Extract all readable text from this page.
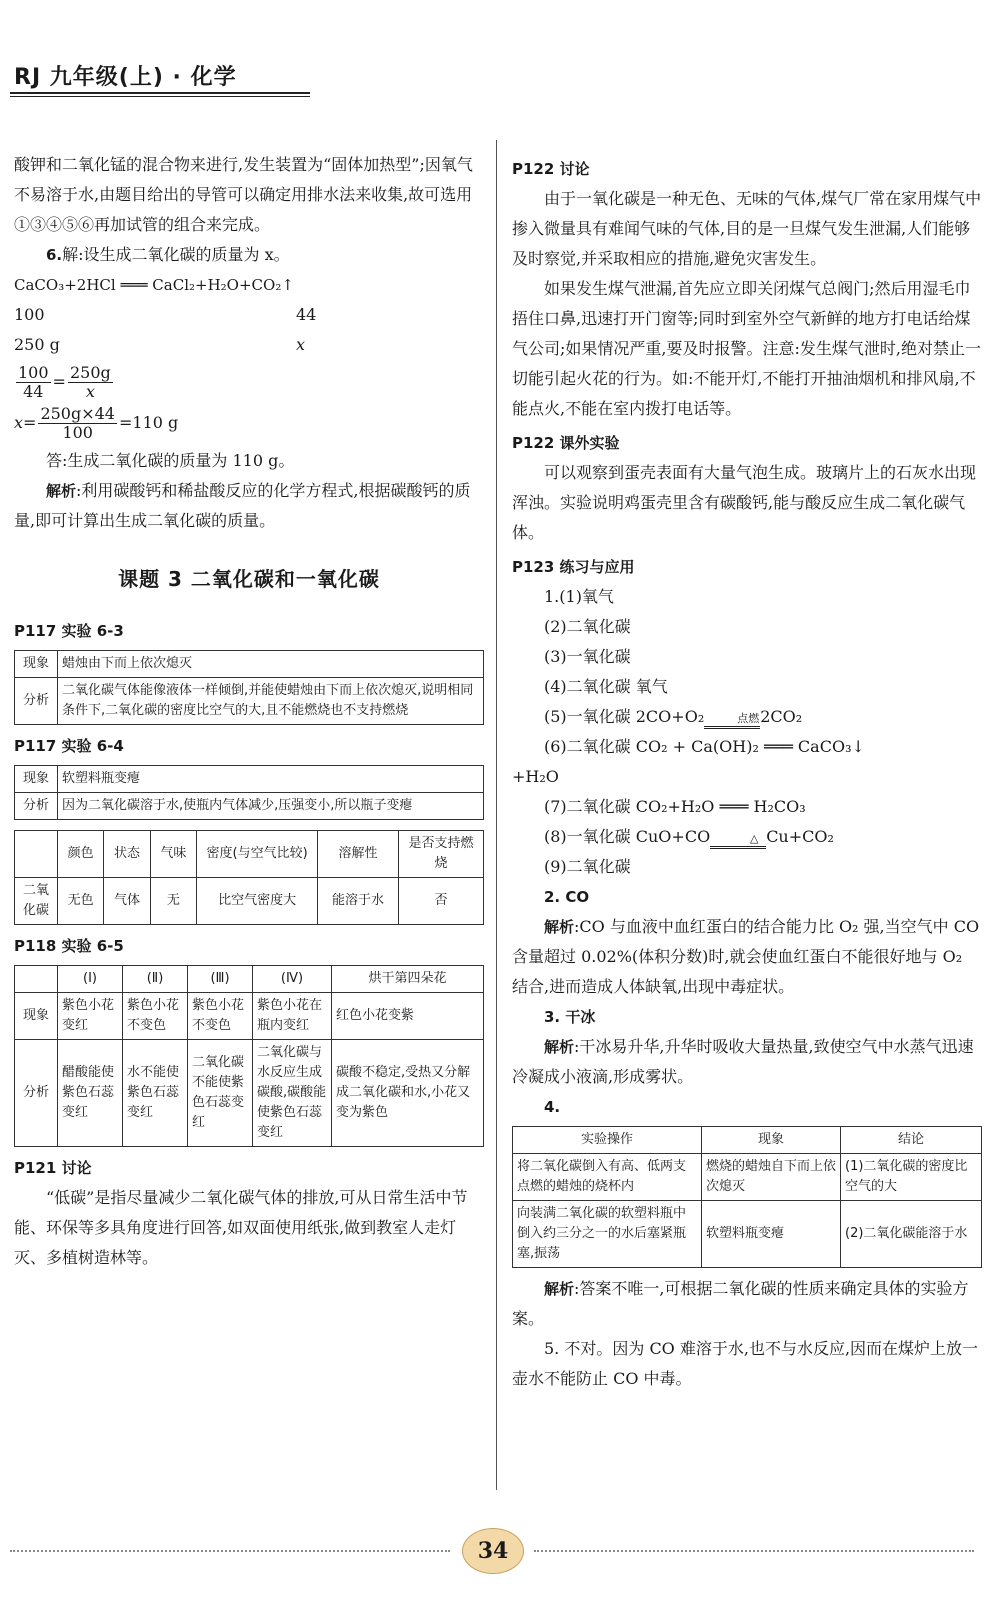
RJ 九年级(上) · 化学

酸钾和二氧化锰的混合物来进行,发生装置为“固体加热型”;因氧气不易溶于水,由题目给出的导管可以确定用排水法来收集,故可选用①③④⑤⑥再加试管的组合来完成。

6.解:设生成二氧化碳的质量为 x。

CaCO₃+2HCl ═══ CaCl₂+H₂O+CO₂↑

100	44

250 g	x

$\frac{100}{44} = \frac{250g}{x}$

$x= \frac{250g\times 44}{100} =110$ g

答:生成二氧化碳的质量为 110 g。

解析:利用碳酸钙和稀盐酸反应的化学方程式,根据碳酸钙的质量,即可计算出生成二氧化碳的质量。

课题 3 二氧化碳和一氧化碳

P117 实验 6-3

现象	蜡烛由下而上依次熄灭
分析	二氧化碳气体能像液体一样倾倒,并能使蜡烛由下而上依次熄灭,说明相同条件下,二氧化碳的密度比空气的大,且不能燃烧也不支持燃烧

P117 实验 6-4

现象	软塑料瓶变瘪
分析	因为二氧化碳溶于水,使瓶内气体减少,压强变小,所以瓶子变瘪
	颜色	状态	气味	密度(与空气比较)	溶解性	是否支持燃烧
二氧化碳	无色	气体	无	比空气密度大	能溶于水	否

P118 实验 6-5

	(Ⅰ)	(Ⅱ)	(Ⅲ)	(Ⅳ)	烘干第四朵花
现象	紫色小花变红	紫色小花不变色	紫色小花不变色	紫色小花在瓶内变红	红色小花变紫
分析	醋酸能使紫色石蕊变红	水不能使紫色石蕊变红	二氧化碳不能使紫色石蕊变红	二氧化碳与水反应生成碳酸,碳酸能使紫色石蕊变红	碳酸不稳定,受热又分解成二氧化碳和水,小花又变为紫色

P121 讨论

“低碳”是指尽量减少二氧化碳气体的排放,可从日常生活中节能、环保等多具角度进行回答,如双面使用纸张,做到教室人走灯灭、多植树造林等。

P122 讨论

由于一氧化碳是一种无色、无味的气体,煤气厂常在家用煤气中掺入微量具有难闻气味的气体,目的是一旦煤气发生泄漏,人们能够及时察觉,并采取相应的措施,避免灾害发生。

如果发生煤气泄漏,首先应立即关闭煤气总阀门;然后用湿毛巾捂住口鼻,迅速打开门窗等;同时到室外空气新鲜的地方打电话给煤气公司;如果情况严重,要及时报警。注意:发生煤气泄时,绝对禁止一切能引起火花的行为。如:不能开灯,不能打开抽油烟机和排风扇,不能点火,不能在室内拨打电话等。

P122 课外实验

可以观察到蛋壳表面有大量气泡生成。玻璃片上的石灰水出现浑浊。实验说明鸡蛋壳里含有碳酸钙,能与酸反应生成二氧化碳气体。

P123 练习与应用

1.(1)氧气

(2)二氧化碳

(3)一氧化碳

(4)二氧化碳 氧气

(5)一氧化碳 2CO+O₂	点燃 2CO₂

(6)二氧化碳 CO₂ + Ca(OH)₂ ═══ CaCO₃↓

+H₂O

(7)二氧化碳 CO₂+H₂O ═══ H₂CO₃

(8)一氧化碳 CuO+CO	△ Cu+CO₂

(9)二氧化碳

2. CO

解析:CO 与血液中血红蛋白的结合能力比 O₂ 强,当空气中 CO 含量超过 0.02%(体积分数)时,就会使血红蛋白不能很好地与 O₂ 结合,进而造成人体缺氧,出现中毒症状。

3. 干冰

解析:干冰易升华,升华时吸收大量热量,致使空气中水蒸气迅速冷凝成小液滴,形成雾状。

4.

实验操作	现象	结论
将二氧化碳倒入有高、低两支点燃的蜡烛的烧杯内	燃烧的蜡烛自下而上依次熄灭	(1)二氧化碳的密度比空气的大
向装满二氧化碳的软塑料瓶中倒入约三分之一的水后塞紧瓶塞,振荡	软塑料瓶变瘪	(2)二氧化碳能溶于水

解析:答案不唯一,可根据二氧化碳的性质来确定具体的实验方案。

5. 不对。因为 CO 难溶于水,也不与水反应,因而在煤炉上放一壶水不能防止 CO 中毒。

34
